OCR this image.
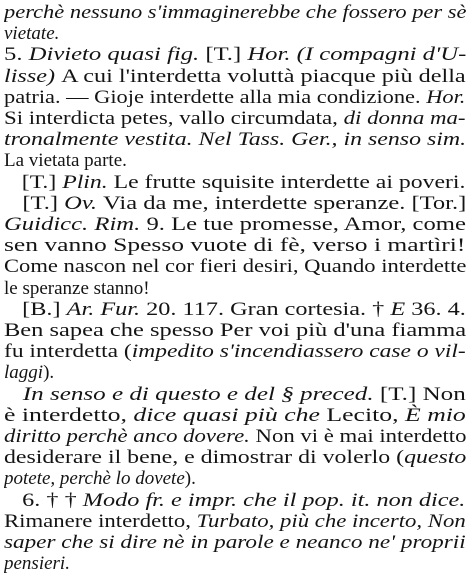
perchè nessuno s'immaginerebbe che fossero per sè
vietate.
5. Divieto quasi fig. [T.] Hor. (I compagni d'U-
lisse) A cui l'interdetta voluttà piacque più della
patria. — Gioje interdette alla mia condizione. Hor.
Si interdicta petes, vallo circumdata, di donna ma-
tronalmente vestita. Nel Tass. Ger., in senso sim.
La vietata parte.
[T.] Plin. Le frutte squisite interdette ai poveri.
[T.] Ov. Via da me, interdette speranze. [Tor.]
Guidicc. Rim. 9. Le tue promesse, Amor, come
sen vanno Spesso vuote di fè, verso i martìri!
Come nascon nel cor fieri desiri, Quando interdette
le speranze stanno!
[B.] Ar. Fur. 20. 117. Gran cortesia. † E 36. 4.
Ben sapea che spesso Per voi più d'una fiamma
fu interdetta (impedito s'incendiassero case o vil-
laggi).
In senso e di questo e del § preced. [T.] Non
è interdetto, dice quasi più che Lecito, È mio
diritto perchè anco dovere. Non vi è mai interdetto
desiderare il bene, e dimostrar di volerlo (questo
potete, perchè lo dovete).
6. † † Modo fr. e impr. che il pop. it. non dice.
Rimanere interdetto, Turbato, più che incerto, Non
saper che si dire nè in parole e neanco ne' proprii
pensieri.
